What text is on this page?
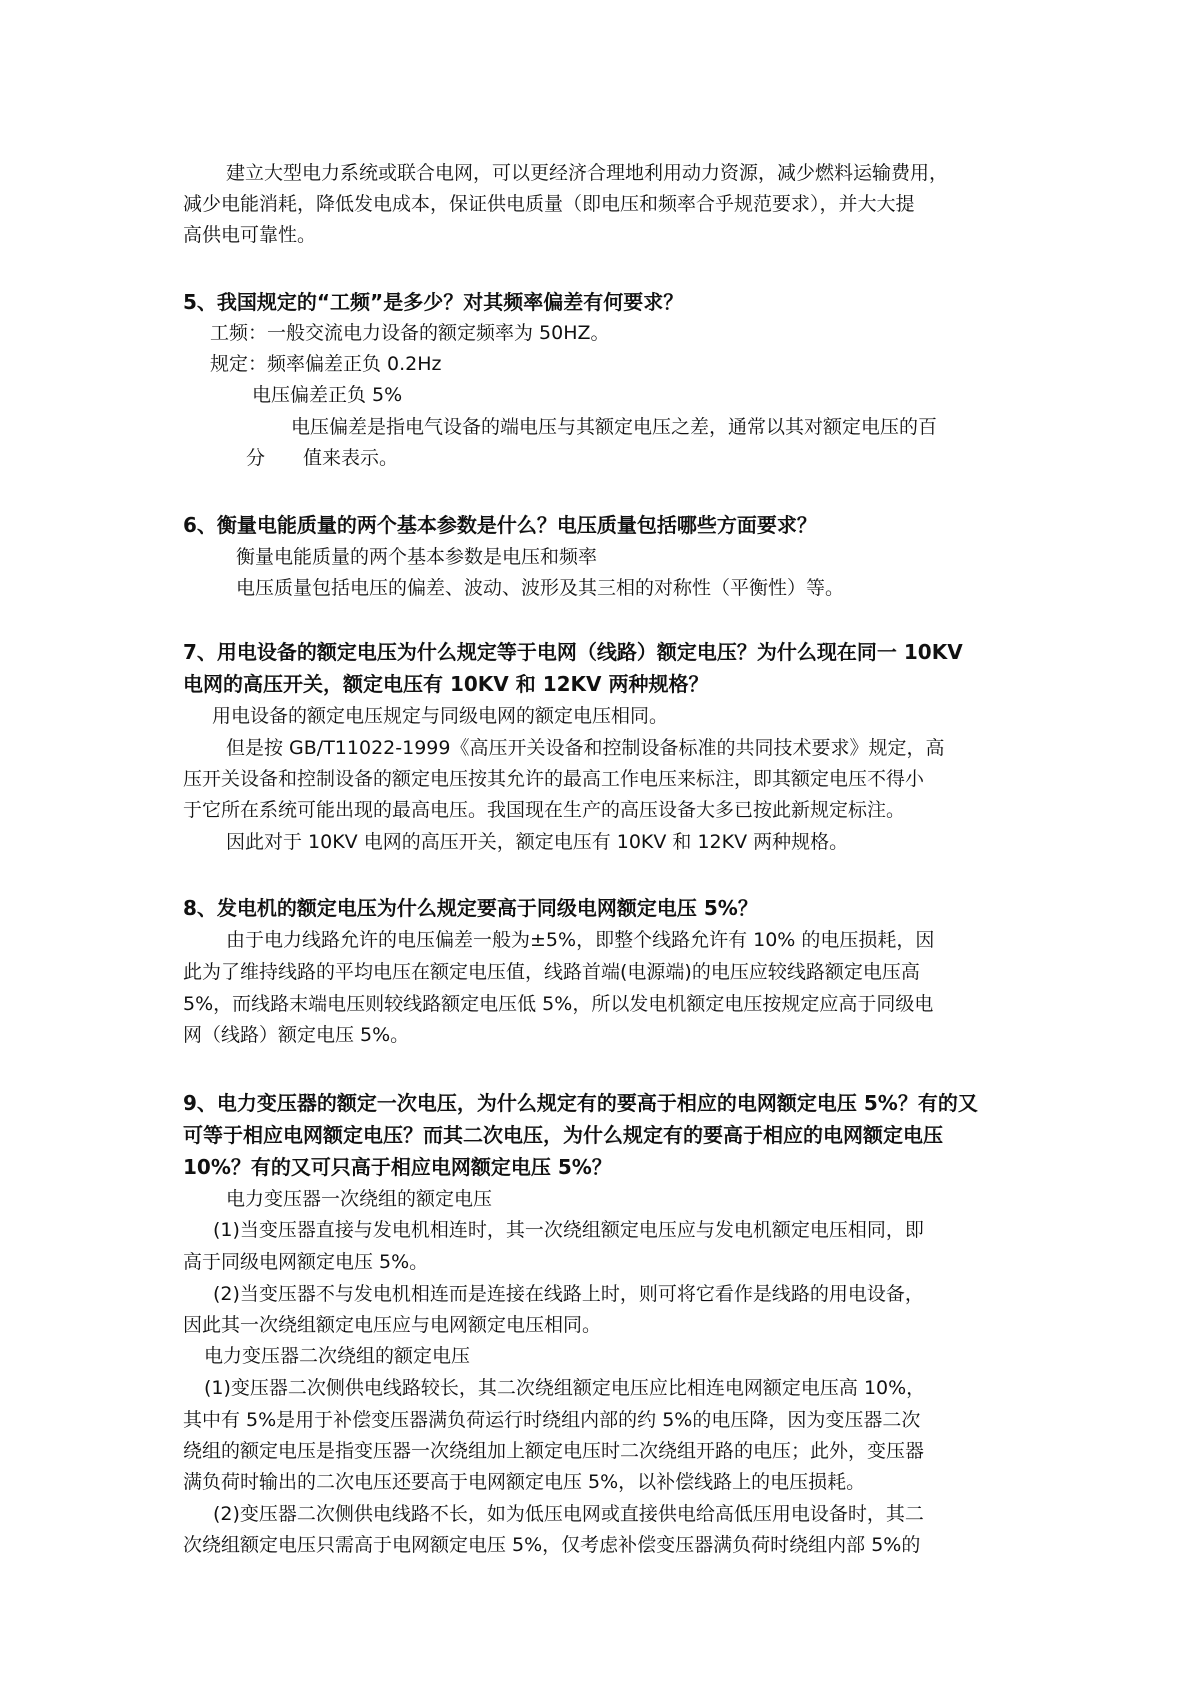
建立大型电力系统或联合电网，可以更经济合理地利用动力资源，减少燃料运输费用，
减少电能消耗，降低发电成本，保证供电质量（即电压和频率合乎规范要求），并大大提
高供电可靠性。
5、我国规定的“工频”是多少？对其频率偏差有何要求？
工频：一般交流电力设备的额定频率为 50HZ。
规定：频率偏差正负 0.2Hz
电压偏差正负 5%
电压偏差是指电气设备的端电压与其额定电压之差，通常以其对额定电压的百
分　　值来表示。
6、衡量电能质量的两个基本参数是什么？电压质量包括哪些方面要求？
衡量电能质量的两个基本参数是电压和频率
电压质量包括电压的偏差、波动、波形及其三相的对称性（平衡性）等。
7、用电设备的额定电压为什么规定等于电网（线路）额定电压？为什么现在同一 10KV
电网的高压开关，额定电压有 10KV 和 12KV 两种规格？
用电设备的额定电压规定与同级电网的额定电压相同。
但是按 GB/T11022-1999《高压开关设备和控制设备标准的共同技术要求》规定，高
压开关设备和控制设备的额定电压按其允许的最高工作电压来标注，即其额定电压不得小
于它所在系统可能出现的最高电压。我国现在生产的高压设备大多已按此新规定标注。
因此对于 10KV 电网的高压开关，额定电压有 10KV 和 12KV 两种规格。
8、发电机的额定电压为什么规定要高于同级电网额定电压 5%？
由于电力线路允许的电压偏差一般为±5%，即整个线路允许有 10% 的电压损耗，因
此为了维持线路的平均电压在额定电压值，线路首端(电源端)的电压应较线路额定电压高
5%，而线路末端电压则较线路额定电压低 5%，所以发电机额定电压按规定应高于同级电
网（线路）额定电压 5%。
9、电力变压器的额定一次电压，为什么规定有的要高于相应的电网额定电压 5%？有的又
可等于相应电网额定电压？而其二次电压，为什么规定有的要高于相应的电网额定电压
10%？有的又可只高于相应电网额定电压 5%？
电力变压器一次绕组的额定电压
(1)当变压器直接与发电机相连时，其一次绕组额定电压应与发电机额定电压相同，即
高于同级电网额定电压 5%。
(2)当变压器不与发电机相连而是连接在线路上时，则可将它看作是线路的用电设备，
因此其一次绕组额定电压应与电网额定电压相同。
电力变压器二次绕组的额定电压
(1)变压器二次侧供电线路较长，其二次绕组额定电压应比相连电网额定电压高 10%，
其中有 5%是用于补偿变压器满负荷运行时绕组内部的约 5%的电压降，因为变压器二次
绕组的额定电压是指变压器一次绕组加上额定电压时二次绕组开路的电压；此外，变压器
满负荷时输出的二次电压还要高于电网额定电压 5%，以补偿线路上的电压损耗。
(2)变压器二次侧供电线路不长，如为低压电网或直接供电给高低压用电设备时，其二
次绕组额定电压只需高于电网额定电压 5%，仅考虑补偿变压器满负荷时绕组内部 5%的
